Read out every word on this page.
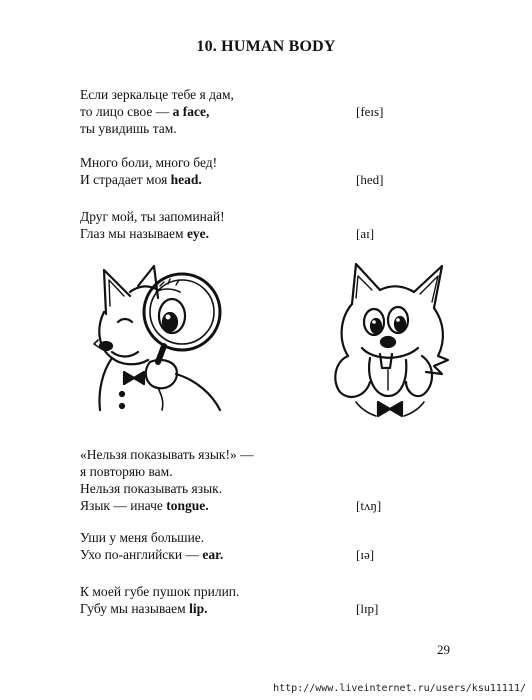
10. HUMAN BODY
Если зеркальце тебе я дам,
то лицо свое — a face,	[feɪs]
ты увидишь там.
Много боли, много бед!
И страдает моя head.	[hed]
Друг мой, ты запоминай!
Глаз мы называем eye.	[aɪ]
«Нельзя показывать язык!» —
я повторяю вам.
Нельзя показывать язык.
Язык — иначе tongue.	[tʌŋ]
Уши у меня большие.
Ухо по-английски — ear.	[ɪə]
К моей губе пушок прилип.
Губу мы называем lip.	[lɪp]
29
http://www.liveinternet.ru/users/ksu11111/
